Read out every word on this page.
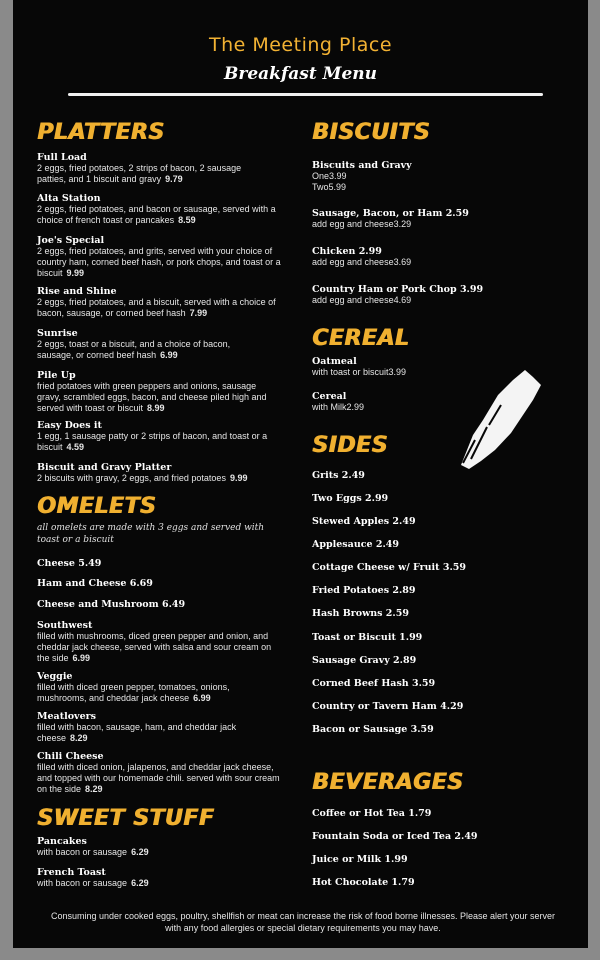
The Meeting Place
Breakfast Menu
PLATTERS
Full Load
2 eggs, fried potatoes, 2 strips of bacon, 2 sausage patties, and 1 biscuit and gravy 9.79
Alta Station
2 eggs, fried potatoes, and bacon or sausage, served with a choice of french toast or pancakes 8.59
Joe's Special
2 eggs, fried potatoes, and grits, served with your choice of country ham, corned beef hash, or pork chops, and toast or a biscuit 9.99
Rise and Shine
2 eggs, fried potatoes, and a biscuit, served with a choice of bacon, sausage, or corned beef hash 7.99
Sunrise
2 eggs, toast or a biscuit, and a choice of bacon, sausage, or corned beef hash 6.99
Pile Up
fried potatoes with green peppers and onions, sausage gravy, scrambled eggs, bacon, and cheese piled high and served with toast or biscuit 8.99
Easy Does it
1 egg, 1 sausage patty or 2 strips of bacon, and toast or a biscuit 4.59
Biscuit and Gravy Platter
2 biscuits with gravy, 2 eggs, and fried potatoes 9.99
OMELETS
all omelets are made with 3 eggs and served with toast or a biscuit
Cheese 5.49
Ham and Cheese 6.69
Cheese and Mushroom 6.49
Southwest
filled with mushrooms, diced green pepper and onion, and cheddar jack cheese, served with salsa and sour cream on the side 6.99
Veggie
filled with diced green pepper, tomatoes, onions, mushrooms, and cheddar jack cheese 6.99
Meatlovers
filled with bacon, sausage, ham, and cheddar jack cheese 8.29
Chili Cheese
filled with diced onion, jalapenos, and cheddar jack cheese, and topped with our homemade chili. served with sour cream on the side 8.29
SWEET STUFF
Pancakes
with bacon or sausage 6.29
French Toast
with bacon or sausage 6.29
BISCUITS
Biscuits and Gravy
One3.99
Two5.99
Sausage, Bacon, or Ham 2.59
add egg and cheese3.29
Chicken 2.99
add egg and cheese3.69
Country Ham or Pork Chop 3.99
add egg and cheese4.69
CEREAL
Oatmeal
with toast or biscuit3.99
Cereal
with Milk2.99
SIDES
Grits 2.49
Two Eggs 2.99
Stewed Apples 2.49
Applesauce 2.49
Cottage Cheese w/ Fruit 3.59
Fried Potatoes 2.89
Hash Browns 2.59
Toast or Biscuit 1.99
Sausage Gravy 2.89
Corned Beef Hash 3.59
Country or Tavern Ham 4.29
Bacon or Sausage 3.59
BEVERAGES
Coffee or Hot Tea 1.79
Fountain Soda or Iced Tea 2.49
Juice or Milk 1.99
Hot Chocolate 1.79
Consuming under cooked eggs, poultry, shellfish or meat can increase the risk of food borne illnesses. Please alert your server with any food allergies or special dietary requirements you may have.
